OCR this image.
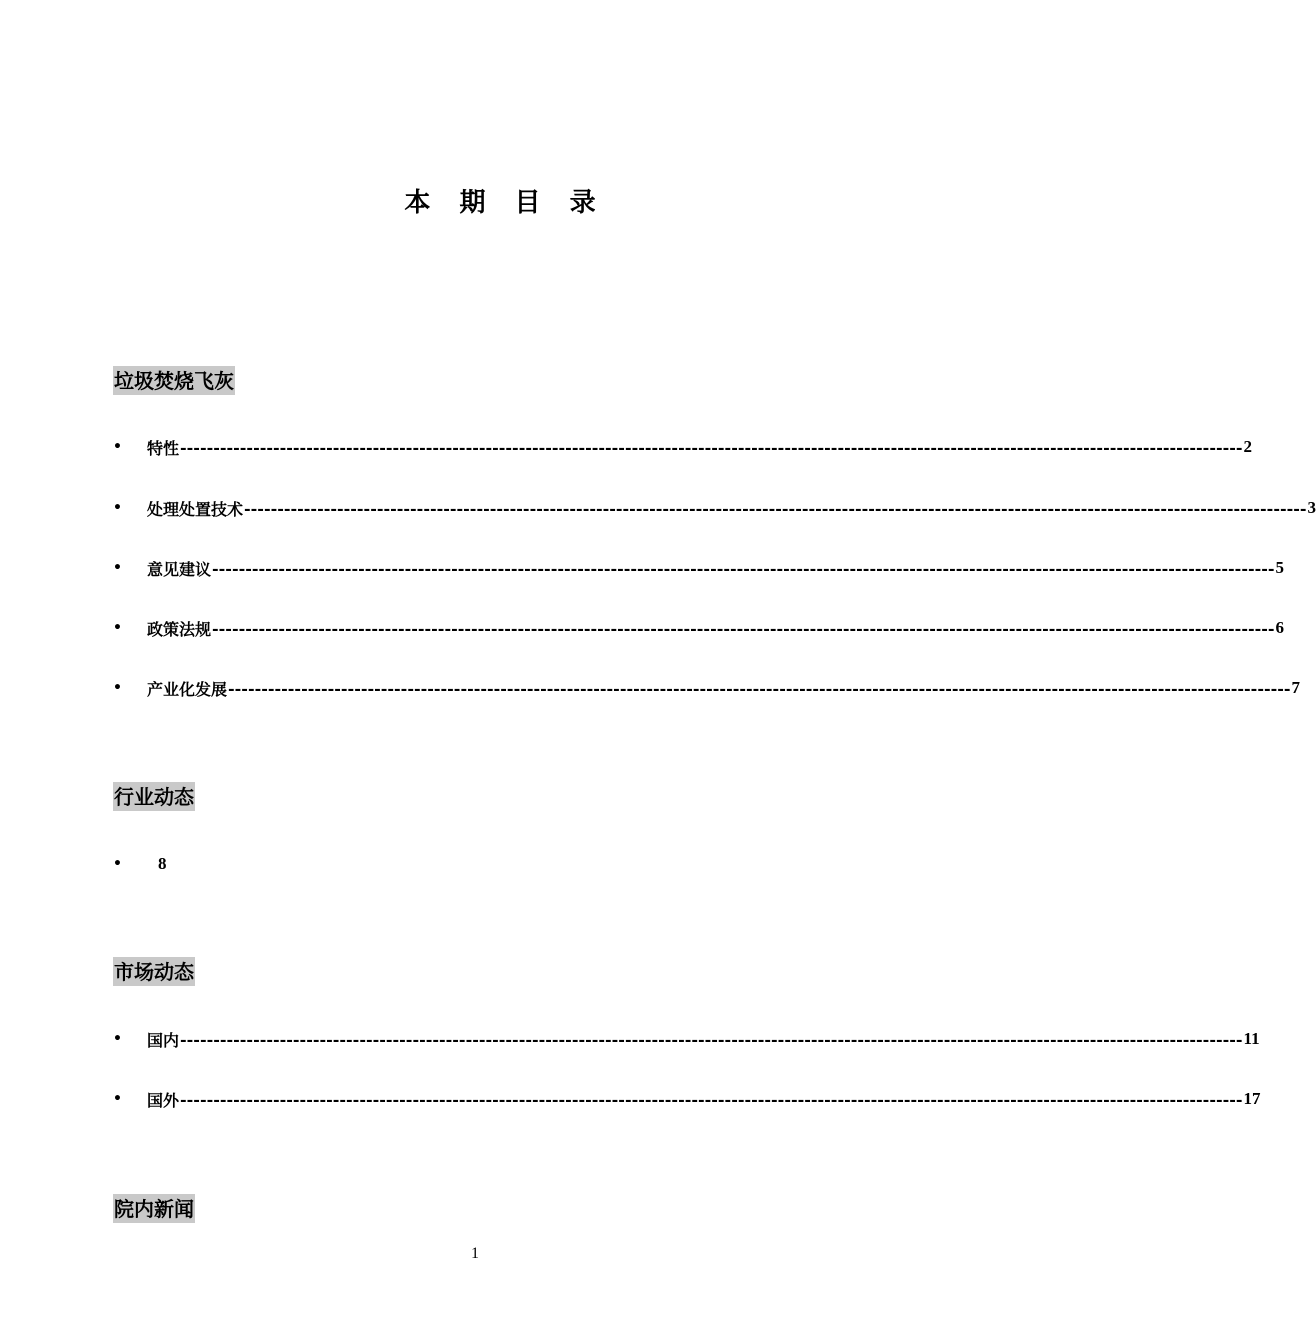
本 期 目 录
垃圾焚烧飞灰
•	特性 ---------------------------------------------------------------------------------------------------------------------------------------------------------------- 2
•	处理处置技术 ---------------------------------------------------------------------------------------------------------------------------------------------------------------- 3
•	意见建议 ---------------------------------------------------------------------------------------------------------------------------------------------------------------- 5
•	政策法规 ---------------------------------------------------------------------------------------------------------------------------------------------------------------- 6
•	产业化发展 ---------------------------------------------------------------------------------------------------------------------------------------------------------------- 7
行业动态
•	8
市场动态
•	国内 ---------------------------------------------------------------------------------------------------------------------------------------------------------------- 11
•	国外 ---------------------------------------------------------------------------------------------------------------------------------------------------------------- 17
院内新闻
1
